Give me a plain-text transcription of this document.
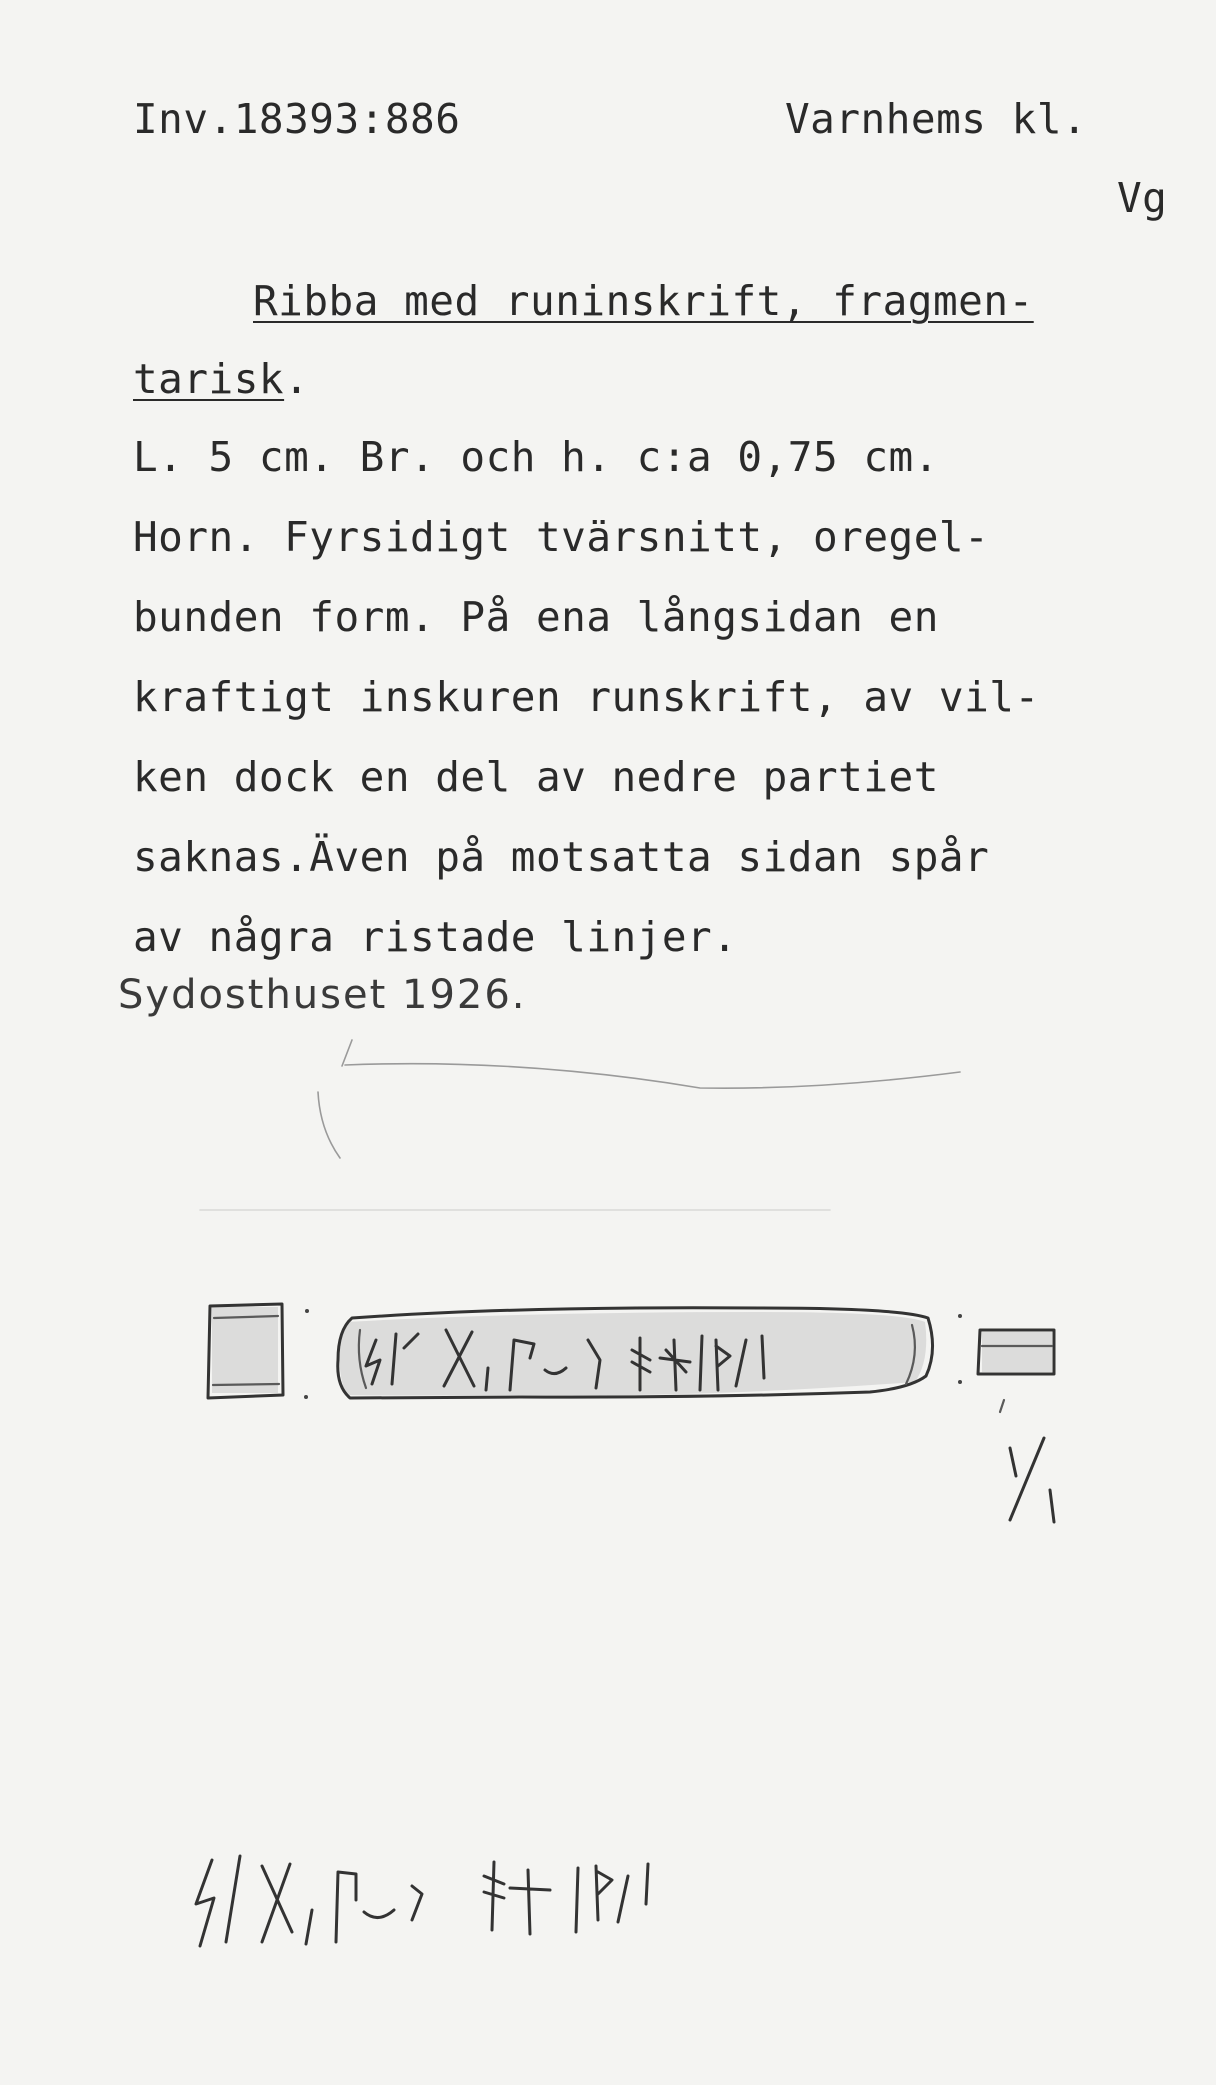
Inv.18393:886	Varnhems kl.
Vg
Ribba med runinskrift, fragmen-
tarisk.
L. 5 cm. Br. och h. c:a 0,75 cm.
Horn. Fyrsidigt tvärsnitt, oregel-
bunden form. På ena långsidan en
kraftigt inskuren runskrift, av vil-
ken dock en del av nedre partiet
saknas.Även på motsatta sidan spår
av några ristade linjer.
Sydosthuset 1926.
